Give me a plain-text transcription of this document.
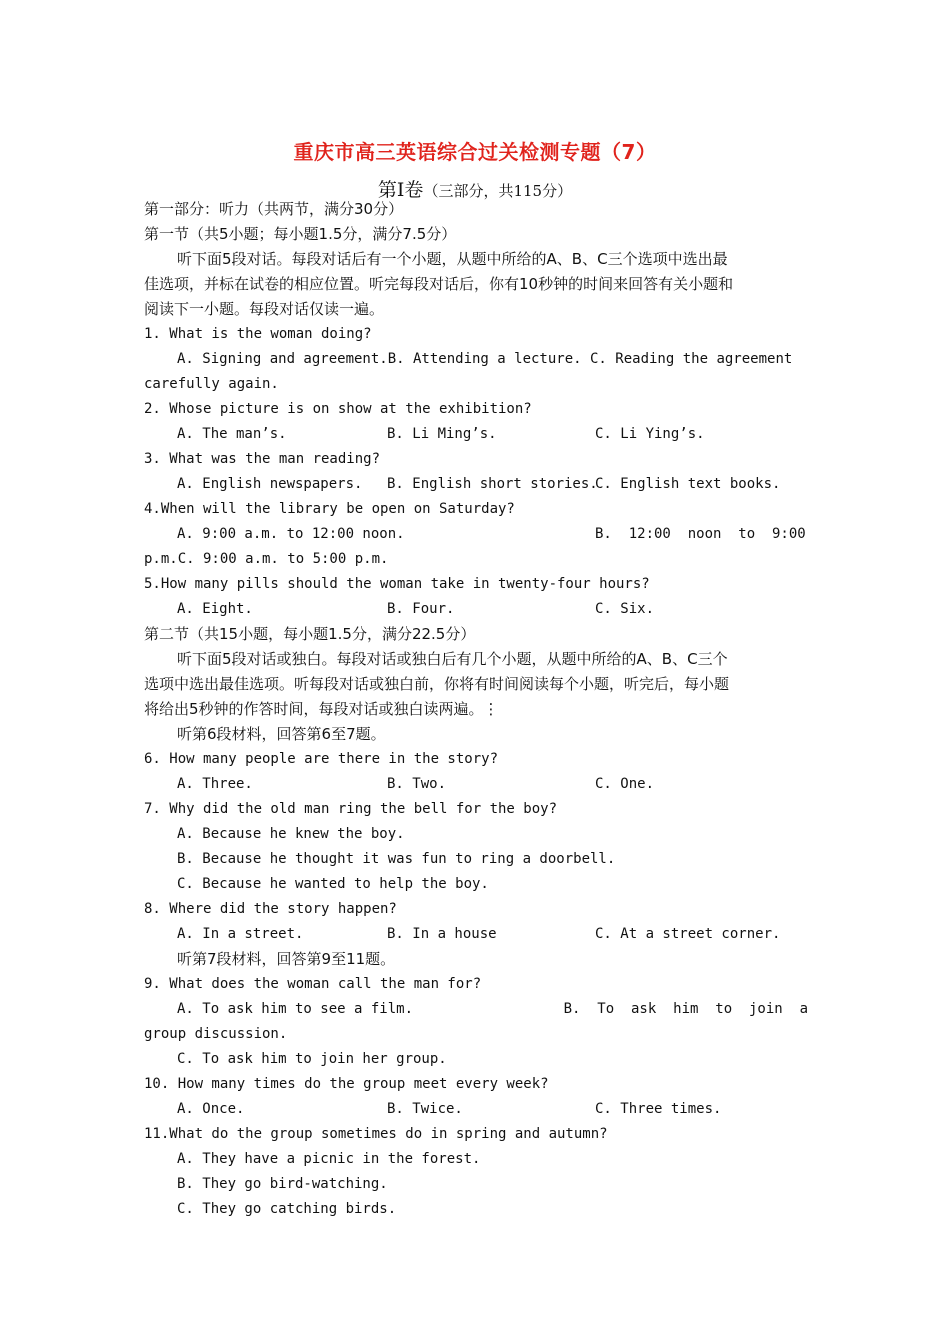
重庆市高三英语综合过关检测专题（7）
第Ⅰ卷（三部分，共115分）
第一部分：听力（共两节，满分30分）
第一节（共5小题；每小题1.5分，满分7.5分）
听下面5段对话。每段对话后有一个小题，从题中所给的A、B、C三个选项中选出最
佳选项，并标在试卷的相应位置。听完每段对话后，你有10秒钟的时间来回答有关小题和
阅读下一小题。每段对话仅读一遍。
1. What is the woman doing?
A. Signing and agreement.B. Attending a lecture. C. Reading the agreement
carefully again.
2. Whose picture is on show at the exhibition?
A. The man’s.	B. Li Ming’s.	C. Li Ying’s.
3. What was the man reading?
A. English newspapers.	B. English short stories.
C. English text books.
4.When will the library be open on Saturday?
A. 9:00 a.m. to 12:00 noon.	B.  12:00  noon  to  9:00
p.m.C. 9:00 a.m. to 5:00 p.m.
5.How many pills should the woman take in twenty-four hours?
A. Eight.	B. Four.	C. Six.
第二节（共15小题，每小题1.5分，满分22.5分）
听下面5段对话或独白。每段对话或独白后有几个小题，从题中所给的A、B、C三个
选项中选出最佳选项。听每段对话或独白前，你将有时间阅读每个小题，听完后，每小题
将给出5秒钟的作答时间，每段对话或独白读两遍。⋮
听第6段材料，回答第6至7题。
6. How many people are there in the story?
A. Three.	B. Two.	C. One.
7. Why did the old man ring the bell for the boy?
A. Because he knew the boy.
B. Because he thought it was fun to ring a doorbell.
C. Because he wanted to help the boy.
8. Where did the story happen?
A. In a street.	B. In a house	C. At a street corner.
听第7段材料，回答第9至11题。
9. What does the woman call the man for?
A. To ask him to see a film.	B.  To  ask  him  to  join  a
group discussion.
C. To ask him to join her group.
10. How many times do the group meet every week?
A. Once.	B. Twice.	C. Three times.
11.What do the group sometimes do in spring and autumn?
A. They have a picnic in the forest.
B. They go bird-watching.
C. They go catching birds.
